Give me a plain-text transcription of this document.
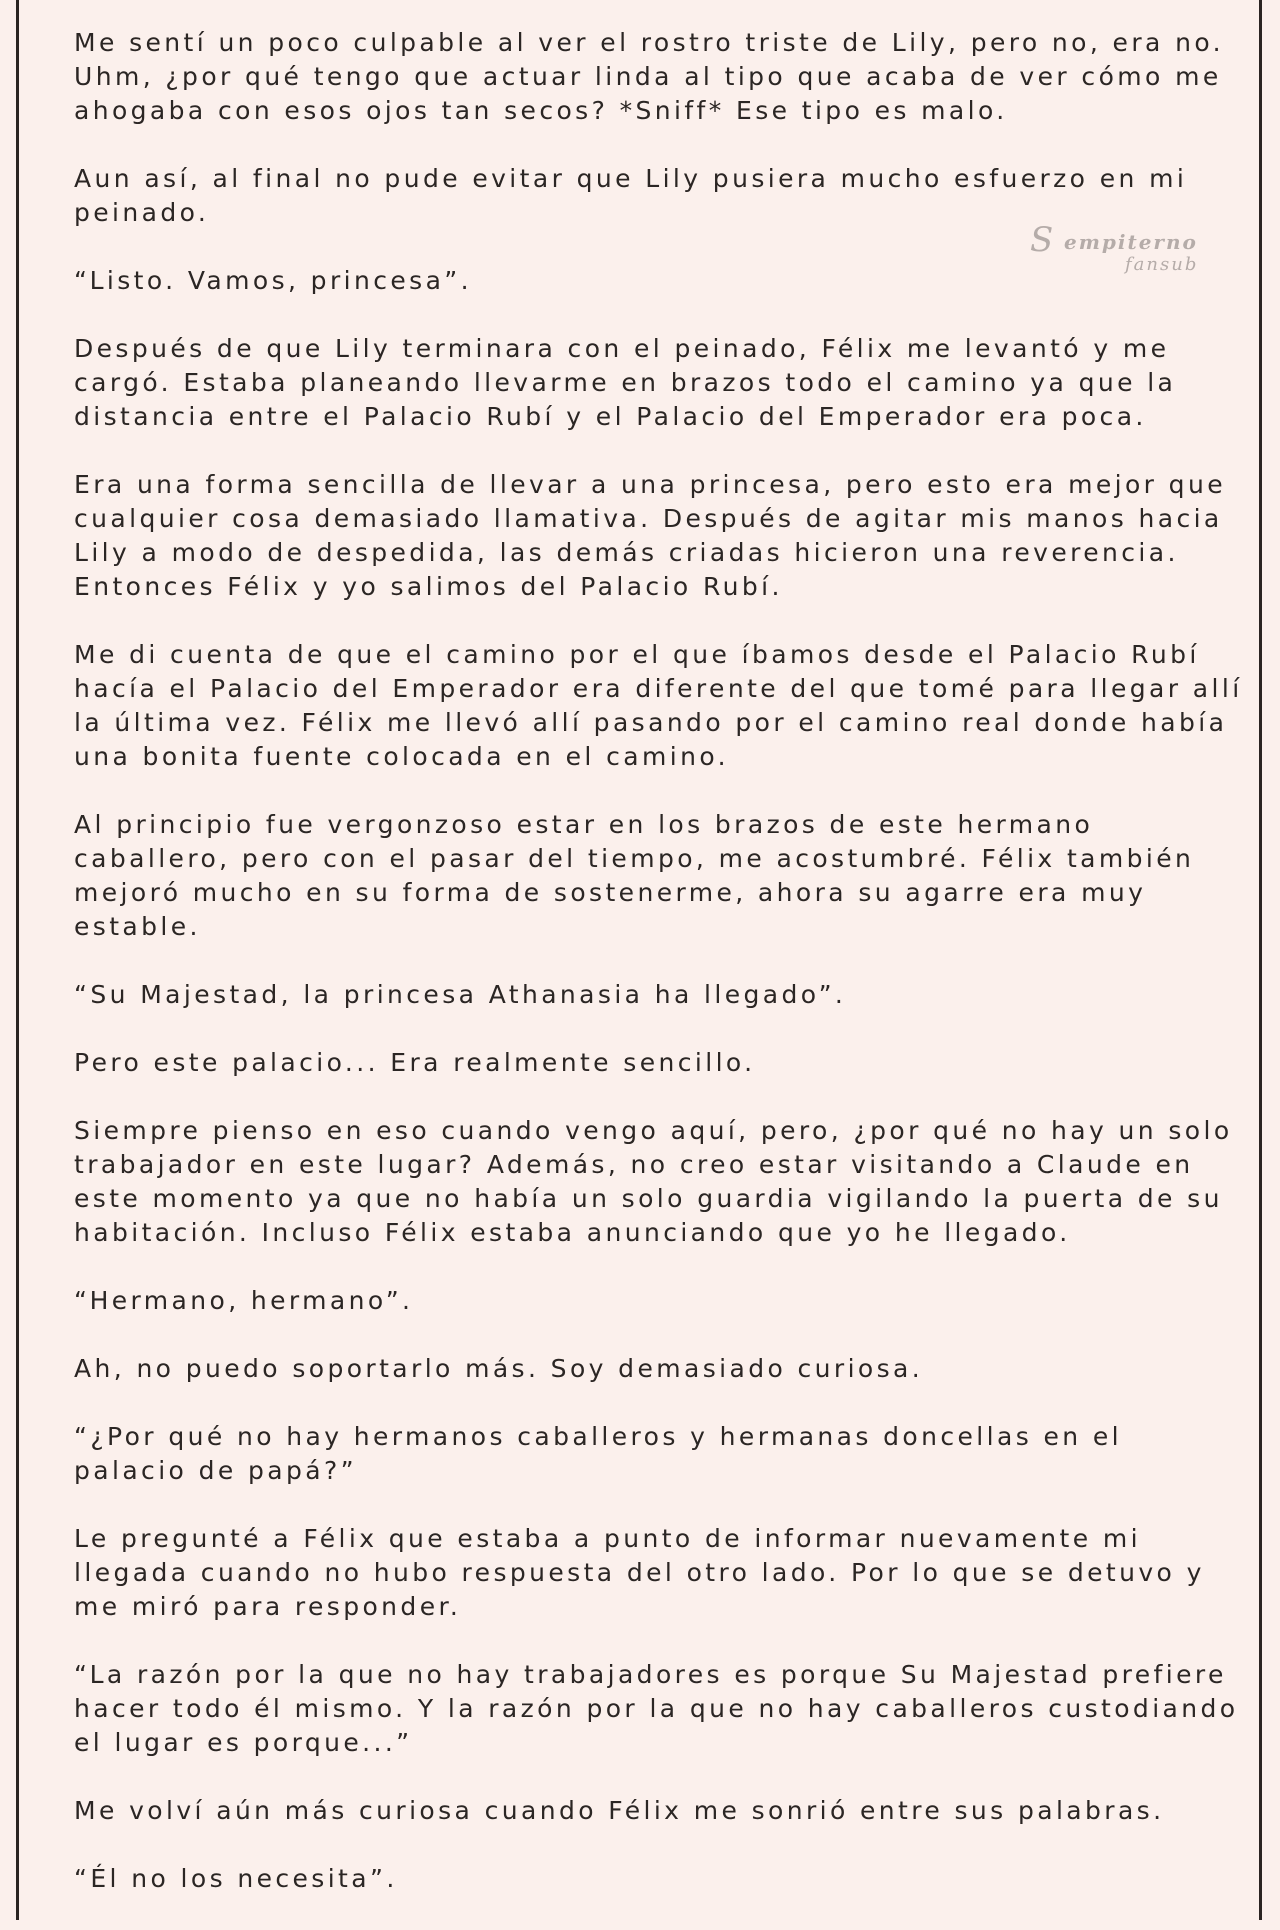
Me sentí un poco culpable al ver el rostro triste de Lily, pero no, era no. Uhm, ¿por qué tengo que actuar linda al tipo que acaba de ver cómo me ahogaba con esos ojos tan secos? *Sniff* Ese tipo es malo.

Aun así, al final no pude evitar que Lily pusiera mucho esfuerzo en mi peinado.

“Listo. Vamos, princesa”.

Después de que Lily terminara con el peinado, Félix me levantó y me cargó. Estaba planeando llevarme en brazos todo el camino ya que la distancia entre el Palacio Rubí y el Palacio del Emperador era poca.

Era una forma sencilla de llevar a una princesa, pero esto era mejor que cualquier cosa demasiado llamativa. Después de agitar mis manos hacia Lily a modo de despedida, las demás criadas hicieron una reverencia. Entonces Félix y yo salimos del Palacio Rubí.

Me di cuenta de que el camino por el que íbamos desde el Palacio Rubí hacía el Palacio del Emperador era diferente del que tomé para llegar allí la última vez. Félix me llevó allí pasando por el camino real donde había una bonita fuente colocada en el camino.

Al principio fue vergonzoso estar en los brazos de este hermano caballero, pero con el pasar del tiempo, me acostumbré. Félix también mejoró mucho en su forma de sostenerme, ahora su agarre era muy estable.

“Su Majestad, la princesa Athanasia ha llegado”.

Pero este palacio... Era realmente sencillo.

Siempre pienso en eso cuando vengo aquí, pero, ¿por qué no hay un solo trabajador en este lugar? Además, no creo estar visitando a Claude en este momento ya que no había un solo guardia vigilando la puerta de su habitación. Incluso Félix estaba anunciando que yo he llegado.

“Hermano, hermano”.

Ah, no puedo soportarlo más. Soy demasiado curiosa.

“¿Por qué no hay hermanos caballeros y hermanas doncellas en el palacio de papá?”

Le pregunté a Félix que estaba a punto de informar nuevamente mi llegada cuando no hubo respuesta del otro lado. Por lo que se detuvo y me miró para responder.

“La razón por la que no hay trabajadores es porque Su Majestad prefiere hacer todo él mismo. Y la razón por la que no hay caballeros custodiando el lugar es porque...”

Me volví aún más curiosa cuando Félix me sonrió entre sus palabras.

“Él no los necesita”.

S empiterno
fansub
